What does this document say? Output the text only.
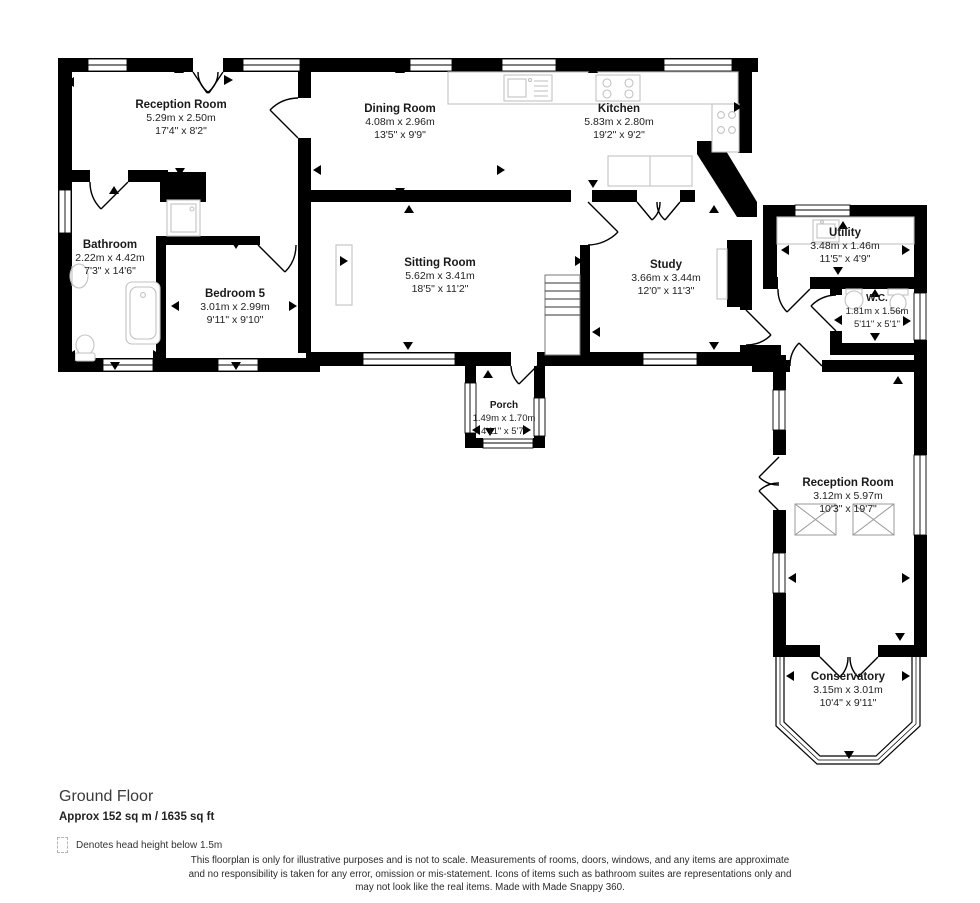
Reception Room
5.29m x 2.50m
17'4" x 8'2"
Dining Room
4.08m x 2.96m
13'5" x 9'9"
Kitchen
5.83m x 2.80m
19'2" x 9'2"
Bathroom
2.22m x 4.42m
7'3" x 14'6"
Bedroom 5
3.01m x 2.99m
9'11" x 9'10"
Sitting Room
5.62m x 3.41m
18'5" x 11'2"
Study
3.66m x 3.44m
12'0" x 11'3"
Utility
3.48m x 1.46m
11'5" x 4'9"
W.C.
1.81m x 1.56m
5'11" x 5'1"
Porch
1.49m x 1.70m
4'11" x 5'7"
Reception Room
3.12m x 5.97m
10'3" x 19'7"
Conservatory
3.15m x 3.01m
10'4" x 9'11"
Ground Floor
Approx 152 sq m / 1635 sq ft
Denotes head height below 1.5m
This floorplan is only for illustrative purposes and is not to scale. Measurements of rooms, doors, windows, and any items are approximate
and no responsibility is taken for any error, omission or mis-statement. Icons of items such as bathroom suites are representations only and
may not look like the real items. Made with Made Snappy 360.
